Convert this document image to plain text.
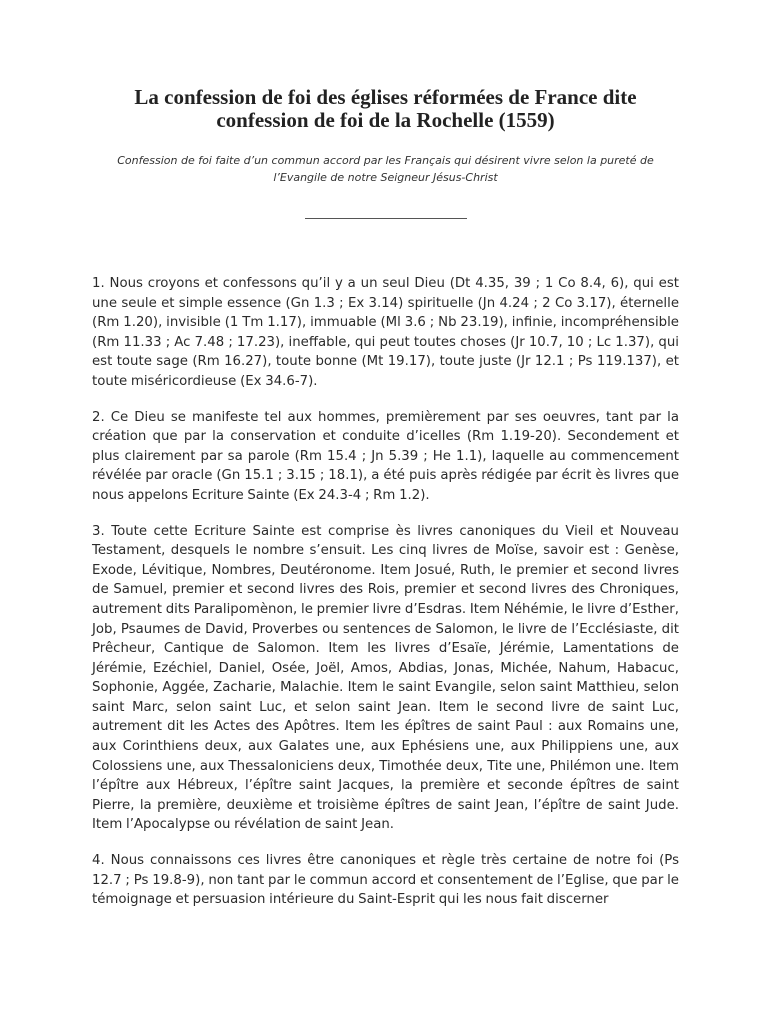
La confession de foi des églises réformées de France dite confession de foi de la Rochelle (1559)

Confession de foi faite d’un commun accord par les Français qui désirent vivre selon la pureté de l’Evangile de notre Seigneur Jésus-Christ

1. Nous croyons et confessons qu’il y a un seul Dieu (Dt 4.35, 39 ; 1 Co 8.4, 6), qui est une seule et simple essence (Gn 1.3 ; Ex 3.14) spirituelle (Jn 4.24 ; 2 Co 3.17), éternelle (Rm 1.20), invisible (1 Tm 1.17), immuable (Ml 3.6 ; Nb 23.19), infinie, incompréhensible (Rm 11.33 ; Ac 7.48 ; 17.23), ineffable, qui peut toutes choses (Jr 10.7, 10 ; Lc 1.37), qui est toute sage (Rm 16.27), toute bonne (Mt 19.17), toute juste (Jr 12.1 ; Ps 119.137), et toute miséricordieuse (Ex 34.6-7).

2. Ce Dieu se manifeste tel aux hommes, premièrement par ses oeuvres, tant par la création que par la conservation et conduite d’icelles (Rm 1.19-20). Secondement et plus clairement par sa parole (Rm 15.4 ; Jn 5.39 ; He 1.1), laquelle au commencement révélée par oracle (Gn 15.1 ; 3.15 ; 18.1), a été puis après rédigée par écrit ès livres que nous appelons Ecriture Sainte (Ex 24.3-4 ; Rm 1.2).

3. Toute cette Ecriture Sainte est comprise ès livres canoniques du Vieil et Nouveau Testament, desquels le nombre s’ensuit. Les cinq livres de Moïse, savoir est : Genèse, Exode, Lévitique, Nombres, Deutéronome. Item Josué, Ruth, le premier et second livres de Samuel, premier et second livres des Rois, premier et second livres des Chroniques, autrement dits Paralipomènon, le premier livre d’Esdras. Item Néhémie, le livre d’Esther, Job, Psaumes de David, Proverbes ou sentences de Salomon, le livre de l’Ecclésiaste, dit Prêcheur, Cantique de Salomon. Item les livres d’Esaïe, Jérémie, Lamentations de Jérémie, Ezéchiel, Daniel, Osée, Joël, Amos, Abdias, Jonas, Michée, Nahum, Habacuc, Sophonie, Aggée, Zacharie, Malachie. Item le saint Evangile, selon saint Matthieu, selon saint Marc, selon saint Luc, et selon saint Jean. Item le second livre de saint Luc, autrement dit les Actes des Apôtres. Item les épîtres de saint Paul : aux Romains une, aux Corinthiens deux, aux Galates une, aux Ephésiens une, aux Philippiens une, aux Colossiens une, aux Thessaloniciens deux, Timothée deux, Tite une, Philémon une. Item l’épître aux Hébreux, l’épître saint Jacques, la première et seconde épîtres de saint Pierre, la première, deuxième et troisième épîtres de saint Jean, l’épître de saint Jude. Item l’Apocalypse ou révélation de saint Jean.

4. Nous connaissons ces livres être canoniques et règle très certaine de notre foi (Ps 12.7 ; Ps 19.8-9), non tant par le commun accord et consentement de l’Eglise, que par le témoignage et persuasion intérieure du Saint-Esprit qui les nous fait discerner
